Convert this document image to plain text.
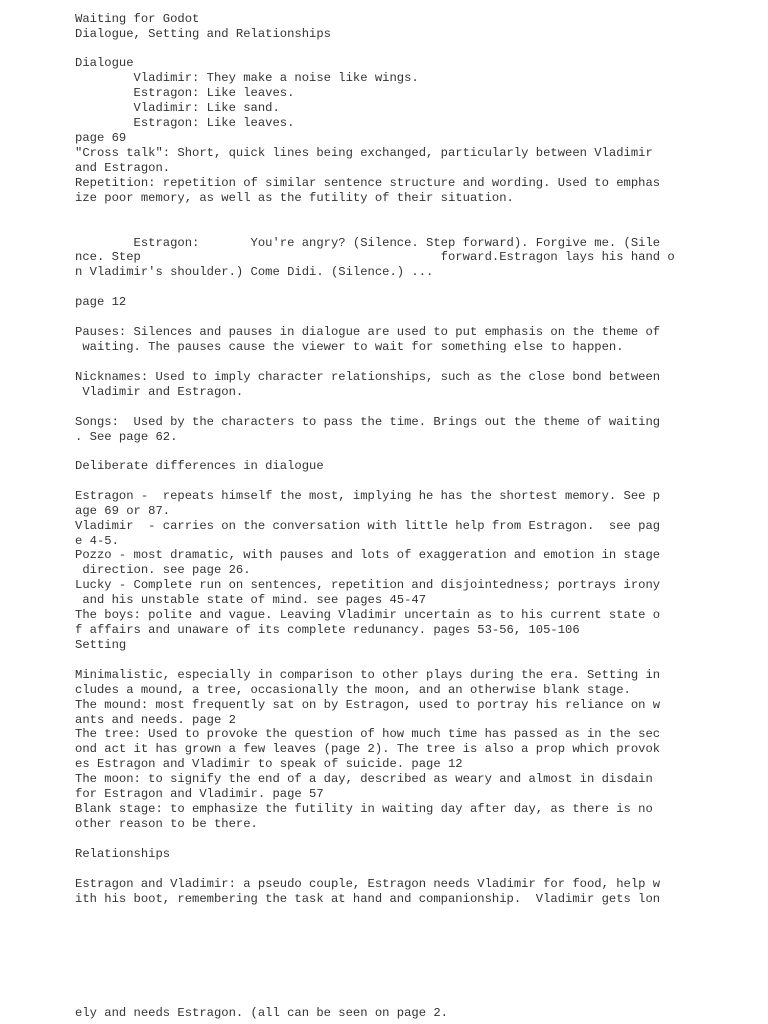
Waiting for Godot
Dialogue, Setting and Relationships
Dialogue
Vladimir: They make a noise like wings.
Estragon: Like leaves.
Vladimir: Like sand.
Estragon: Like leaves.
page 69
"Cross talk": Short, quick lines being exchanged, particularly between Vladimir
and Estragon.
Repetition: repetition of similar sentence structure and wording. Used to emphas
ize poor memory, as well as the futility of their situation.
Estragon:       You're angry? (Silence. Step forward). Forgive me. (Sile
nce. Step                                         forward.Estragon lays his hand o
n Vladimir's shoulder.) Come Didi. (Silence.) ...
page 12
Pauses: Silences and pauses in dialogue are used to put emphasis on the theme of
waiting. The pauses cause the viewer to wait for something else to happen.
Nicknames: Used to imply character relationships, such as the close bond between
Vladimir and Estragon.
Songs:  Used by the characters to pass the time. Brings out the theme of waiting
. See page 62.
Deliberate differences in dialogue
Estragon -  repeats himself the most, implying he has the shortest memory. See p
age 69 or 87.
Vladimir  - carries on the conversation with little help from Estragon.  see pag
e 4-5.
Pozzo - most dramatic, with pauses and lots of exaggeration and emotion in stage
direction. see page 26.
Lucky - Complete run on sentences, repetition and disjointedness; portrays irony
and his unstable state of mind. see pages 45-47
The boys: polite and vague. Leaving Vladimir uncertain as to his current state o
f affairs and unaware of its complete redunancy. pages 53-56, 105-106
Setting
Minimalistic, especially in comparison to other plays during the era. Setting in
cludes a mound, a tree, occasionally the moon, and an otherwise blank stage.
The mound: most frequently sat on by Estragon, used to portray his reliance on w
ants and needs. page 2
The tree: Used to provoke the question of how much time has passed as in the sec
ond act it has grown a few leaves (page 2). The tree is also a prop which provok
es Estragon and Vladimir to speak of suicide. page 12
The moon: to signify the end of a day, described as weary and almost in disdain
for Estragon and Vladimir. page 57
Blank stage: to emphasize the futility in waiting day after day, as there is no
other reason to be there.
Relationships
Estragon and Vladimir: a pseudo couple, Estragon needs Vladimir for food, help w
ith his boot, remembering the task at hand and companionship.  Vladimir gets lon
ely and needs Estragon. (all can be seen on page 2.
